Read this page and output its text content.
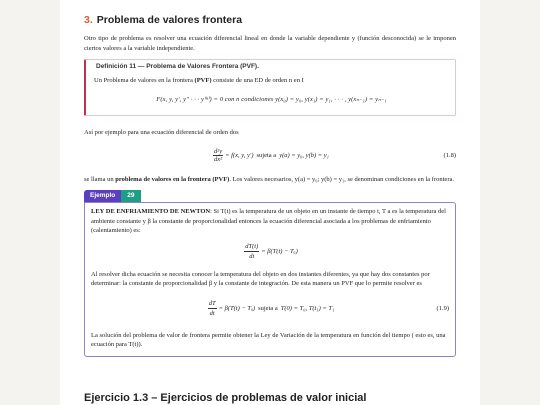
3. Problema de valores frontera

Otro tipo de problema es resolver una ecuación diferencial lineal en donde la variable dependiente y (función desconocida) se le imponen ciertos valores a la variable independiente.

Definición 11 — Problema de Valores Frontera (PVF).
Un Problema de valores en la frontera (PVF) consiste de una ED de orden n en I
F(x, y, y′, y″ · · · y⁽ⁿ⁾) = 0 con n condiciones y(x₀) = y₀, y(x₁) = y₁, · · · , y(xₙ₋₁) = yₙ₋₁

Así por ejemplo para una ecuación diferencial de orden dos

$\frac{\text{d²y}}{\text{dx²}} = f(x$, y, y′) sujeta a y(a) = y₀, y(b) = y₁	(1.8)

se llama un problema de valores en la frontera (PVF). Los valores necesarios, y(a) = y₀; y(b) = y₁, se denominan condiciones en la frontera.

Ejemplo	29

LEY DE ENFRIAMIENTO DE NEWTON: Si T(t) es la temperatura de un objeto en un instante de tiempo t, T a es la temperatura del ambiente constante y β la constante de proporcionalidad entonces la ecuación diferencial asociada a los problemas de enfriamiento (calentamiento) es:

$\frac{dT(t)}{dt} = \beta(T(t) - T_a)$

Al resolver dicha ecuación se necesita conocer la temperatura del objeto en dos instantes diferentes, ya que hay dos constantes por determinar: la constante de proporcionalidad β y la constante de integración. De esta manera un PVF que lo permite resolver es

$\frac{dT}{dt} = \beta(T(t) - T_a)$ sujeta a T(0) = T₀, T(t₁) = T₁	(1.9)

La solución del problema de valor de frontera permite obtener la Ley de Variación de la temperatura en función del tiempo ( esto es, una ecuación para T(t)).

Ejercicio 1.3 – Ejercicios de problemas de valor inicial
